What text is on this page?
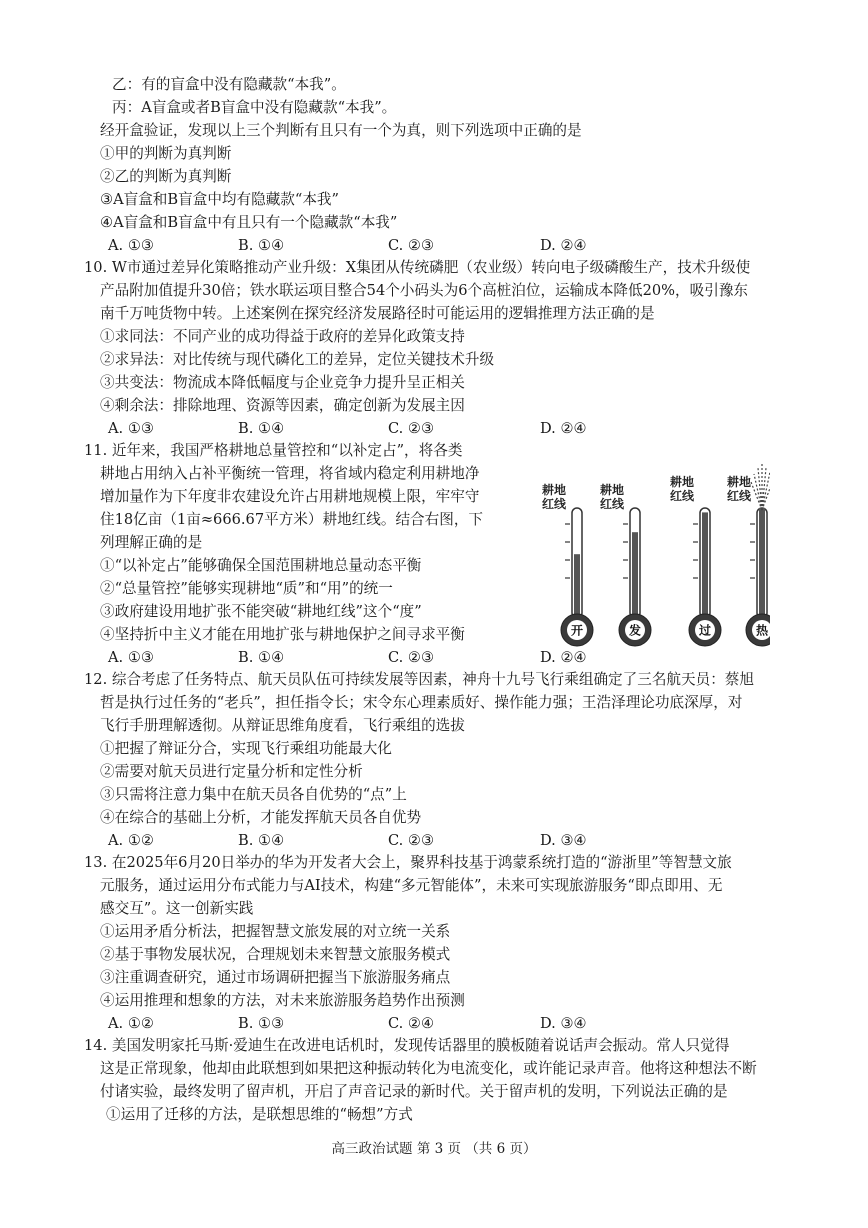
乙：有的盲盒中没有隐藏款“本我”。
丙：A盲盒或者B盲盒中没有隐藏款“本我”。
经开盒验证，发现以上三个判断有且只有一个为真，则下列选项中正确的是
①甲的判断为真判断
②乙的判断为真判断
③A盲盒和B盲盒中均有隐藏款“本我”
④A盲盒和B盲盒中有且只有一个隐藏款“本我”
10. W市通过差异化策略推动产业升级：X集团从传统磷肥（农业级）转向电子级磷酸生产，技术升级使
产品附加值提升30倍；铁水联运项目整合54个小码头为6个高桩泊位，运输成本降低20%，吸引豫东
南千万吨货物中转。上述案例在探究经济发展路径时可能运用的逻辑推理方法正确的是
①求同法：不同产业的成功得益于政府的差异化政策支持
②求异法：对比传统与现代磷化工的差异，定位关键技术升级
③共变法：物流成本降低幅度与企业竞争力提升呈正相关
④剩余法：排除地理、资源等因素，确定创新为发展主因
11. 近年来，我国严格耕地总量管控和“以补定占”，将各类
耕地占用纳入占补平衡统一管理，将省域内稳定利用耕地净
增加量作为下年度非农建设允许占用耕地规模上限，牢牢守
住18亿亩（1亩≈666.67平方米）耕地红线。结合右图，下
列理解正确的是
①“以补定占”能够确保全国范围耕地总量动态平衡
②“总量管控”能够实现耕地“质”和“用”的统一
③政府建设用地扩张不能突破“耕地红线”这个“度”
④坚持折中主义才能在用地扩张与耕地保护之间寻求平衡
12. 综合考虑了任务特点、航天员队伍可持续发展等因素，神舟十九号飞行乘组确定了三名航天员：蔡旭
哲是执行过任务的“老兵”，担任指令长；宋令东心理素质好、操作能力强；王浩泽理论功底深厚，对
飞行手册理解透彻。从辩证思维角度看，飞行乘组的选拔
①把握了辩证分合，实现飞行乘组功能最大化
②需要对航天员进行定量分析和定性分析
③只需将注意力集中在航天员各自优势的“点”上
④在综合的基础上分析，才能发挥航天员各自优势
13. 在2025年6月20日举办的华为开发者大会上，聚界科技基于鸿蒙系统打造的“游浙里”等智慧文旅
元服务，通过运用分布式能力与AI技术，构建“多元智能体”，未来可实现旅游服务“即点即用、无
感交互”。这一创新实践
①运用矛盾分析法，把握智慧文旅发展的对立统一关系
②基于事物发展状况，合理规划未来智慧文旅服务模式
③注重调查研究，通过市场调研把握当下旅游服务痛点
④运用推理和想象的方法，对未来旅游服务趋势作出预测
14. 美国发明家托马斯·爱迪生在改进电话机时，发现传话器里的膜板随着说话声会振动。常人只觉得
这是正常现象，他却由此联想到如果把这种振动转化为电流变化，或许能记录声音。他将这种想法不断
付诸实验，最终发明了留声机，开启了声音记录的新时代。关于留声机的发明，下列说法正确的是
①运用了迁移的方法，是联想思维的“畅想”方式
A. ①③	B. ①④	C. ②③	D. ②④
A. ①③	B. ①④	C. ②③	D. ②④
A. ①③	B. ①④	C. ②③	D. ②④
A. ①②	B. ①④	C. ②③	D. ③④
A. ①②	B. ①③	C. ②④	D. ③④
耕地
红线
开
耕地
红线
发
耕地
红线
过
耕地
红线
热
高三政治试题 第 3 页 （共 6 页）
